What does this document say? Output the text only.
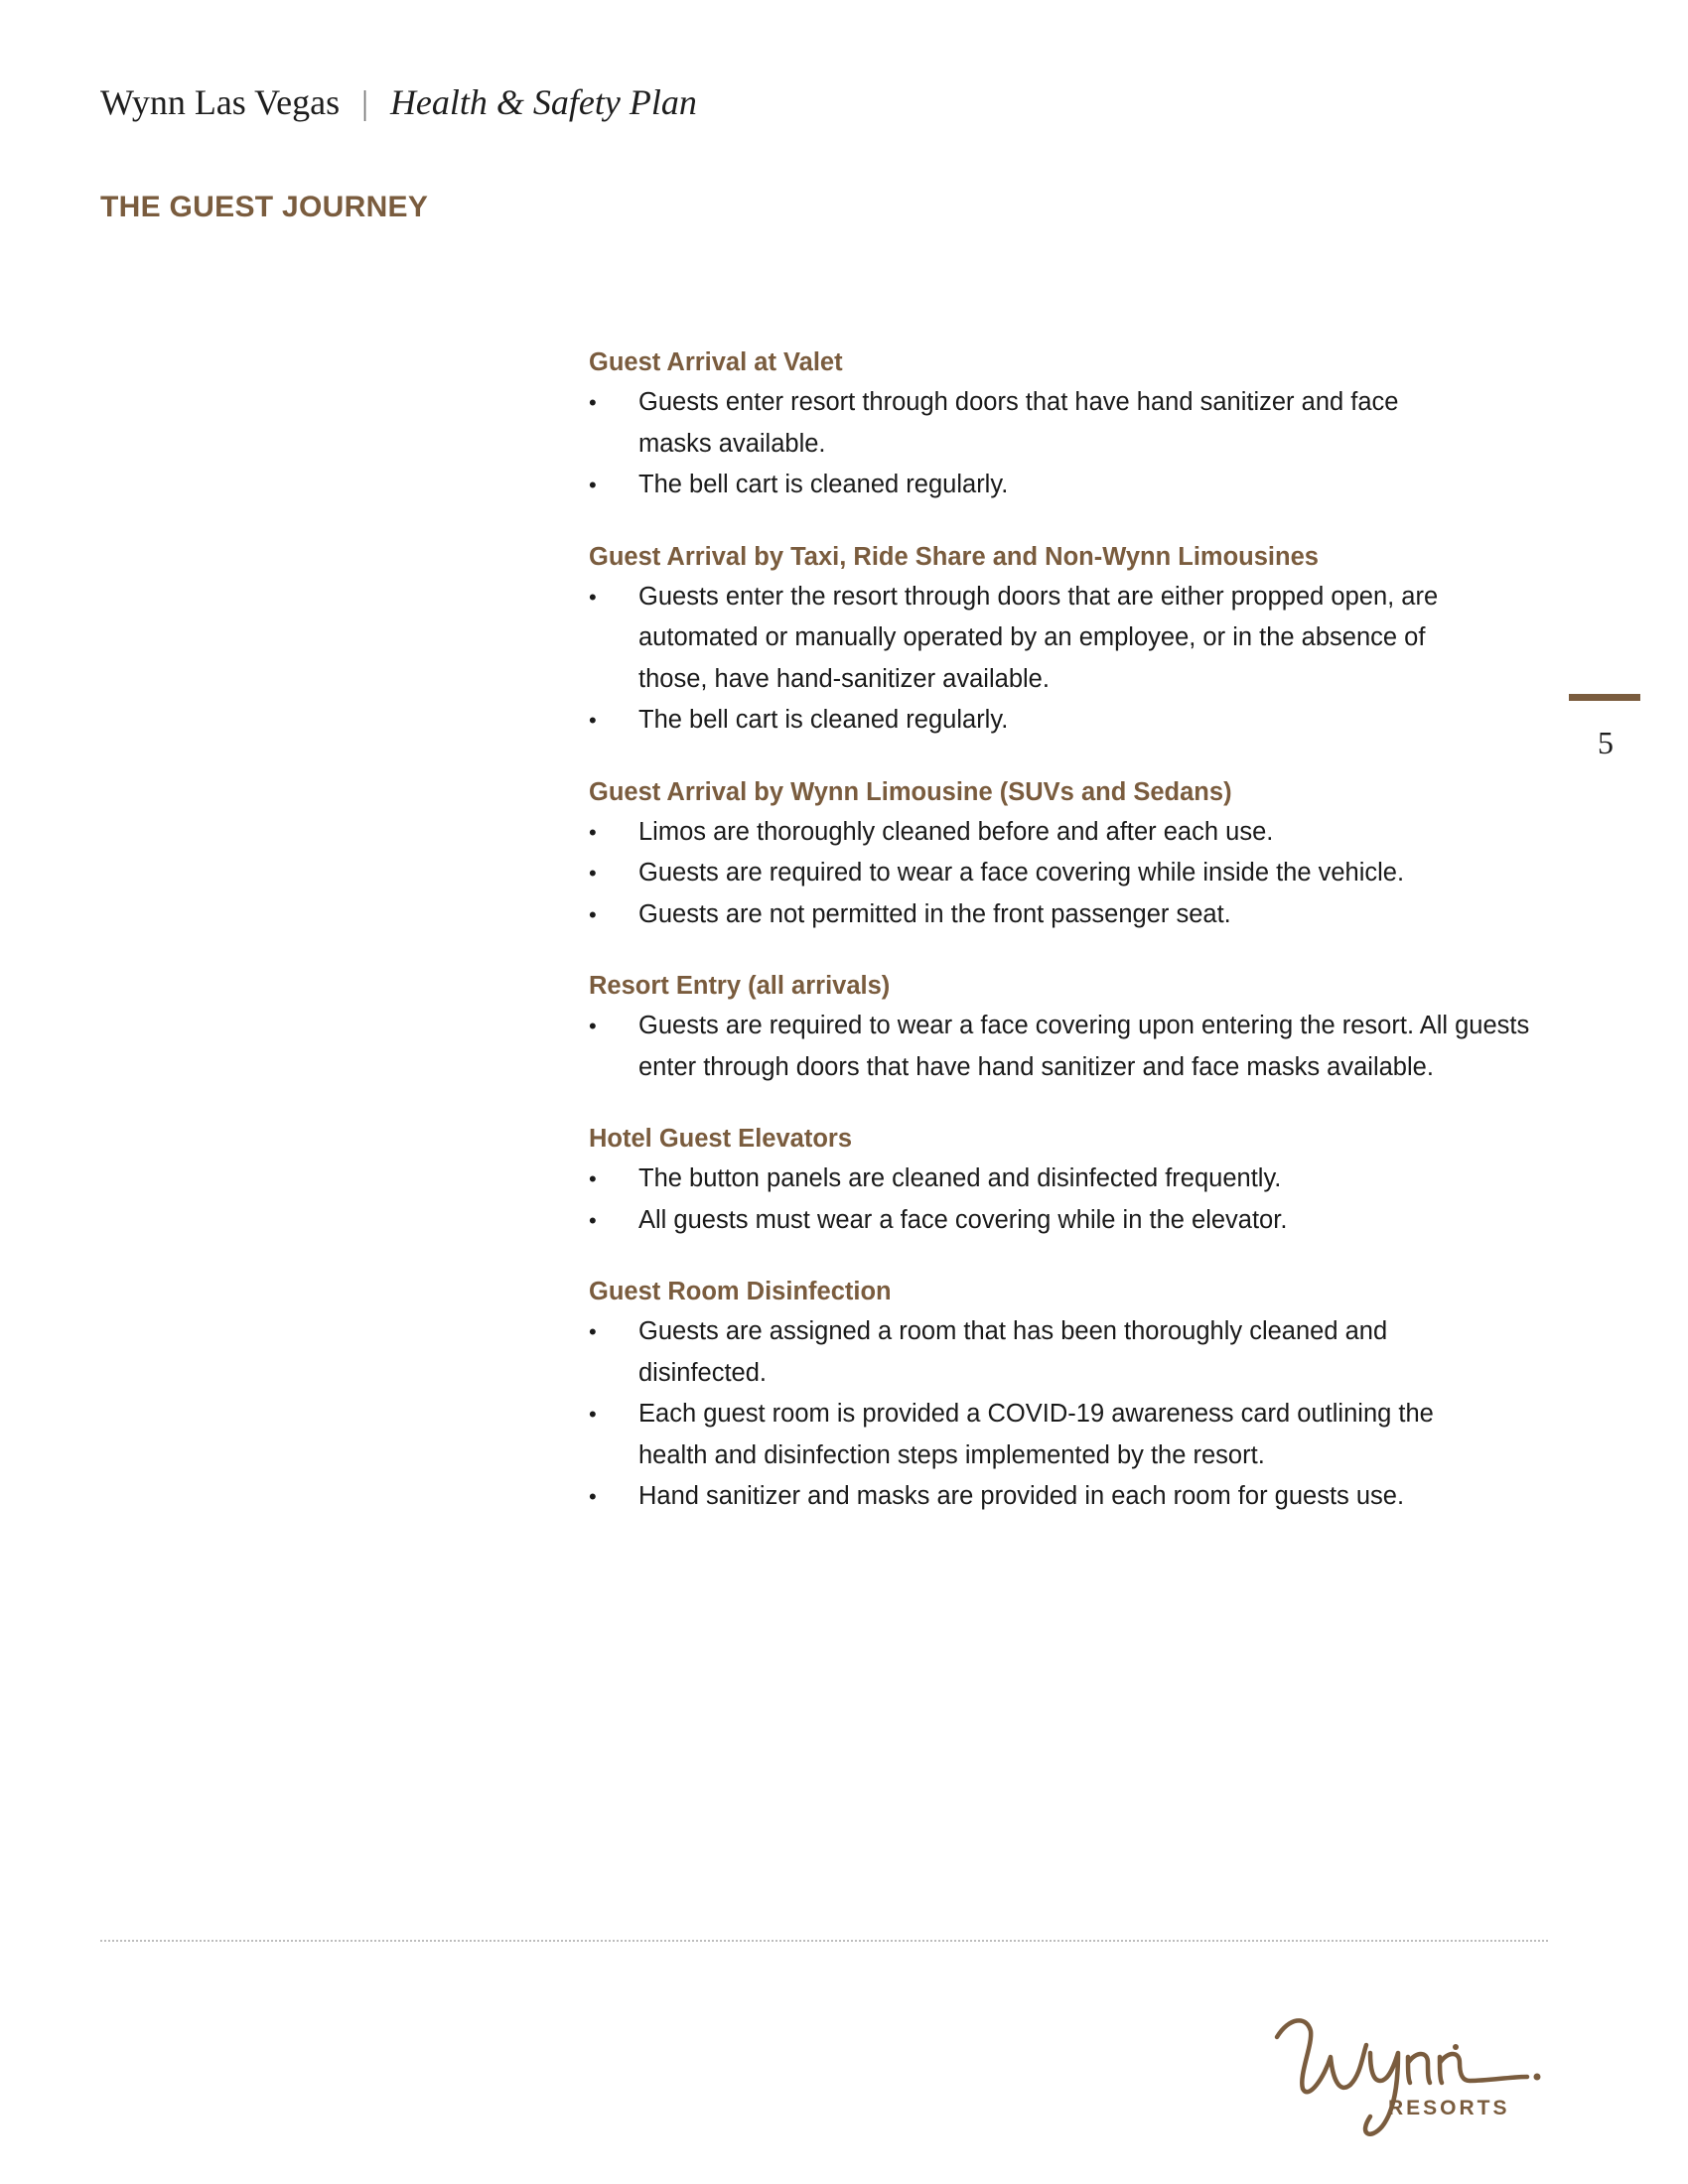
Wynn Las Vegas | Health & Safety Plan
THE GUEST JOURNEY
Guest Arrival at Valet
• Guests enter resort through doors that have hand sanitizer and face masks available.
• The bell cart is cleaned regularly.
Guest Arrival by Taxi, Ride Share and Non-Wynn Limousines
• Guests enter the resort through doors that are either propped open, are automated or manually operated by an employee, or in the absence of those, have hand-sanitizer available.
• The bell cart is cleaned regularly.
Guest Arrival by Wynn Limousine (SUVs and Sedans)
• Limos are thoroughly cleaned before and after each use.
• Guests are required to wear a face covering while inside the vehicle.
• Guests are not permitted in the front passenger seat.
Resort Entry (all arrivals)
• Guests are required to wear a face covering upon entering the resort. All guests enter through doors that have hand sanitizer and face masks available.
Hotel Guest Elevators
• The button panels are cleaned and disinfected frequently.
• All guests must wear a face covering while in the elevator.
Guest Room Disinfection
• Guests are assigned a room that has been thoroughly cleaned and disinfected.
• Each guest room is provided a COVID-19 awareness card outlining the health and disinfection steps implemented by the resort.
• Hand sanitizer and masks are provided in each room for guests use.
5
RESORTS
